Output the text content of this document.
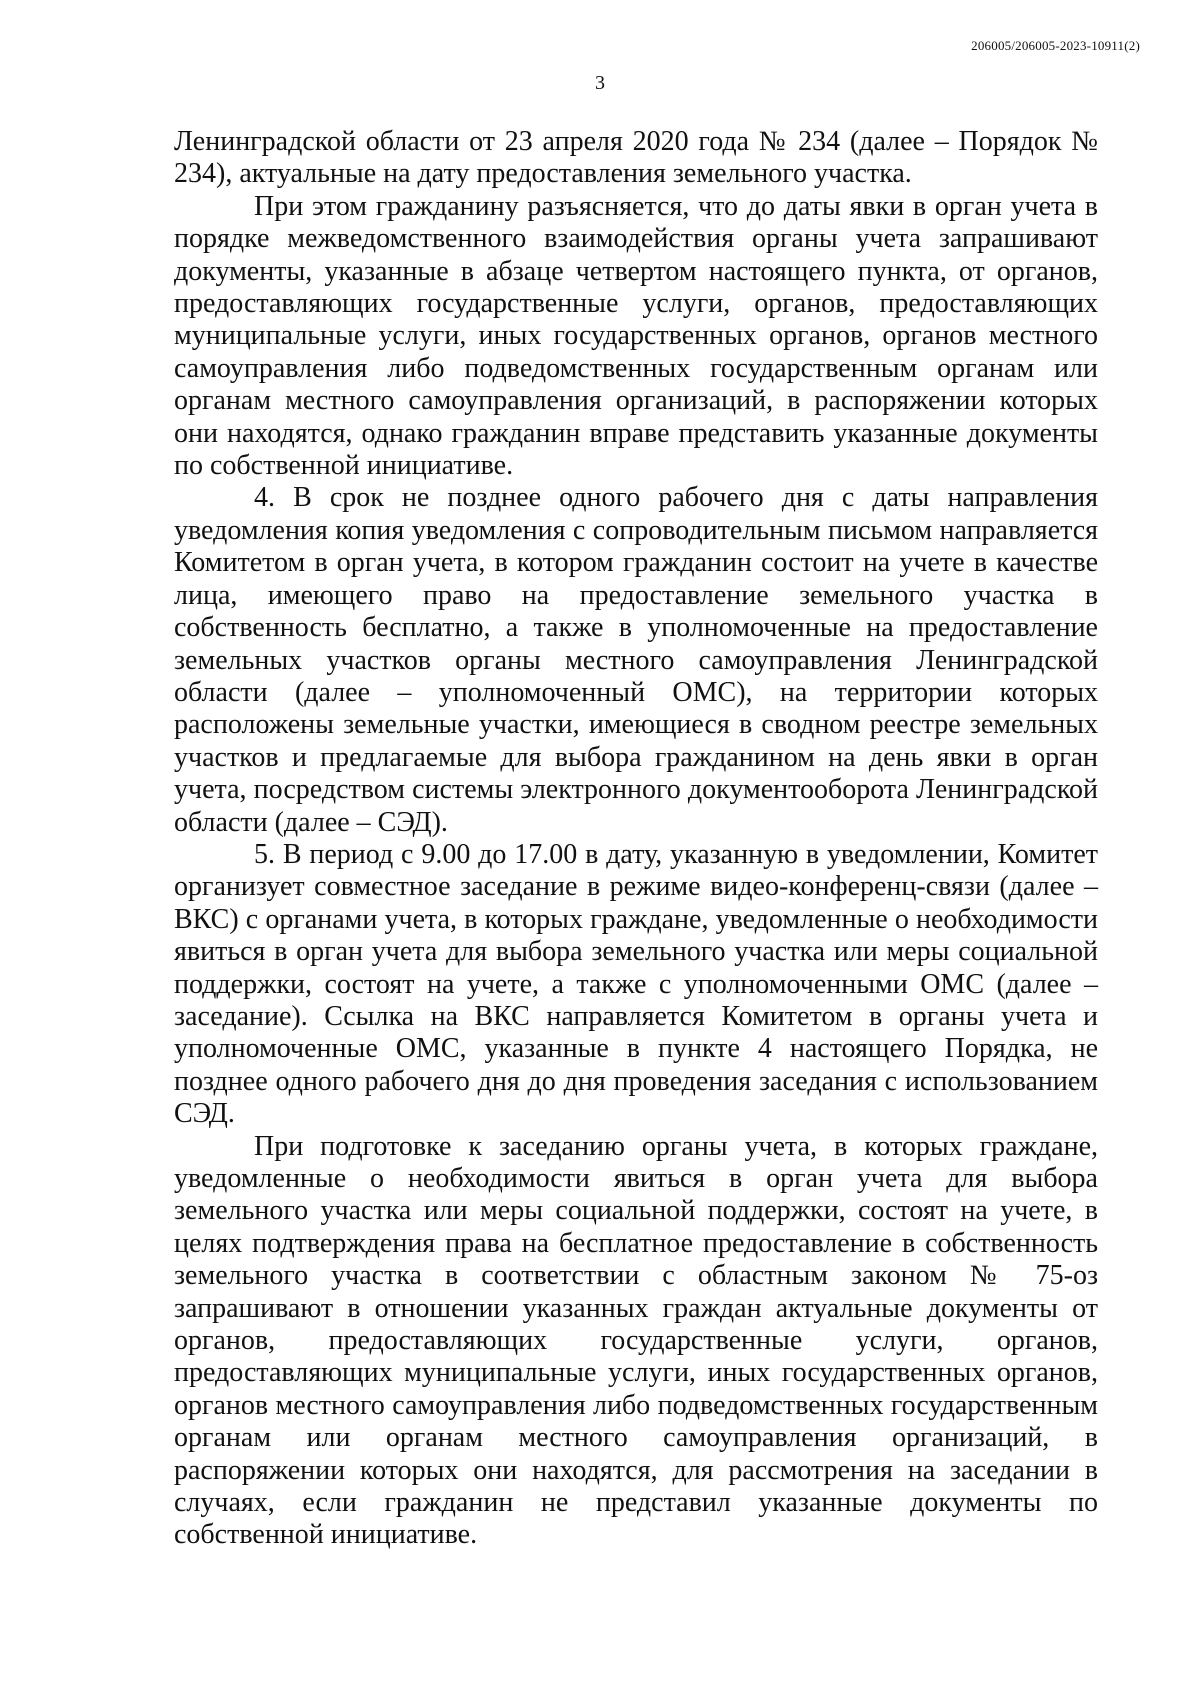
206005/206005-2023-10911(2)
3

Ленинградской области от 23 апреля 2020 года № 234 (далее – Порядок № 234), актуальные на дату предоставления земельного участка.

При этом гражданину разъясняется, что до даты явки в орган учета в порядке межведомственного взаимодействия органы учета запрашивают документы, указанные в абзаце четвертом настоящего пункта, от органов, предоставляющих государственные услуги, органов, предоставляющих муниципальные услуги, иных государственных органов, органов местного самоуправления либо подведомственных государственным органам или органам местного самоуправления организаций, в распоряжении которых они находятся, однако гражданин вправе представить указанные документы по собственной инициативе.

4. В срок не позднее одного рабочего дня с даты направления уведомления копия уведомления с сопроводительным письмом направляется Комитетом в орган учета, в котором гражданин состоит на учете в качестве лица, имеющего право на предоставление земельного участка в собственность бесплатно, а также в уполномоченные на предоставление земельных участков органы местного самоуправления Ленинградской области (далее – уполномоченный ОМС), на территории которых расположены земельные участки, имеющиеся в сводном реестре земельных участков и предлагаемые для выбора гражданином на день явки в орган учета, посредством системы электронного документооборота Ленинградской области (далее – СЭД).

5. В период с 9.00 до 17.00 в дату, указанную в уведомлении, Комитет организует совместное заседание в режиме видео-конференц-связи (далее – ВКС) с органами учета, в которых граждане, уведомленные о необходимости явиться в орган учета для выбора земельного участка или меры социальной поддержки, состоят на учете, а также с уполномоченными ОМС (далее – заседание). Ссылка на ВКС направляется Комитетом в органы учета и уполномоченные ОМС, указанные в пункте 4 настоящего Порядка, не позднее одного рабочего дня до дня проведения заседания с использованием СЭД.

При подготовке к заседанию органы учета, в которых граждане, уведомленные о необходимости явиться в орган учета для выбора земельного участка или меры социальной поддержки, состоят на учете, в целях подтверждения права на бесплатное предоставление в собственность земельного участка в соответствии с областным законом № 75-оз запрашивают в отношении указанных граждан актуальные документы от органов, предоставляющих государственные услуги, органов, предоставляющих муниципальные услуги, иных государственных органов, органов местного самоуправления либо подведомственных государственным органам или органам местного самоуправления организаций, в распоряжении которых они находятся, для рассмотрения на заседании в случаях, если гражданин не представил указанные документы по собственной инициативе.
